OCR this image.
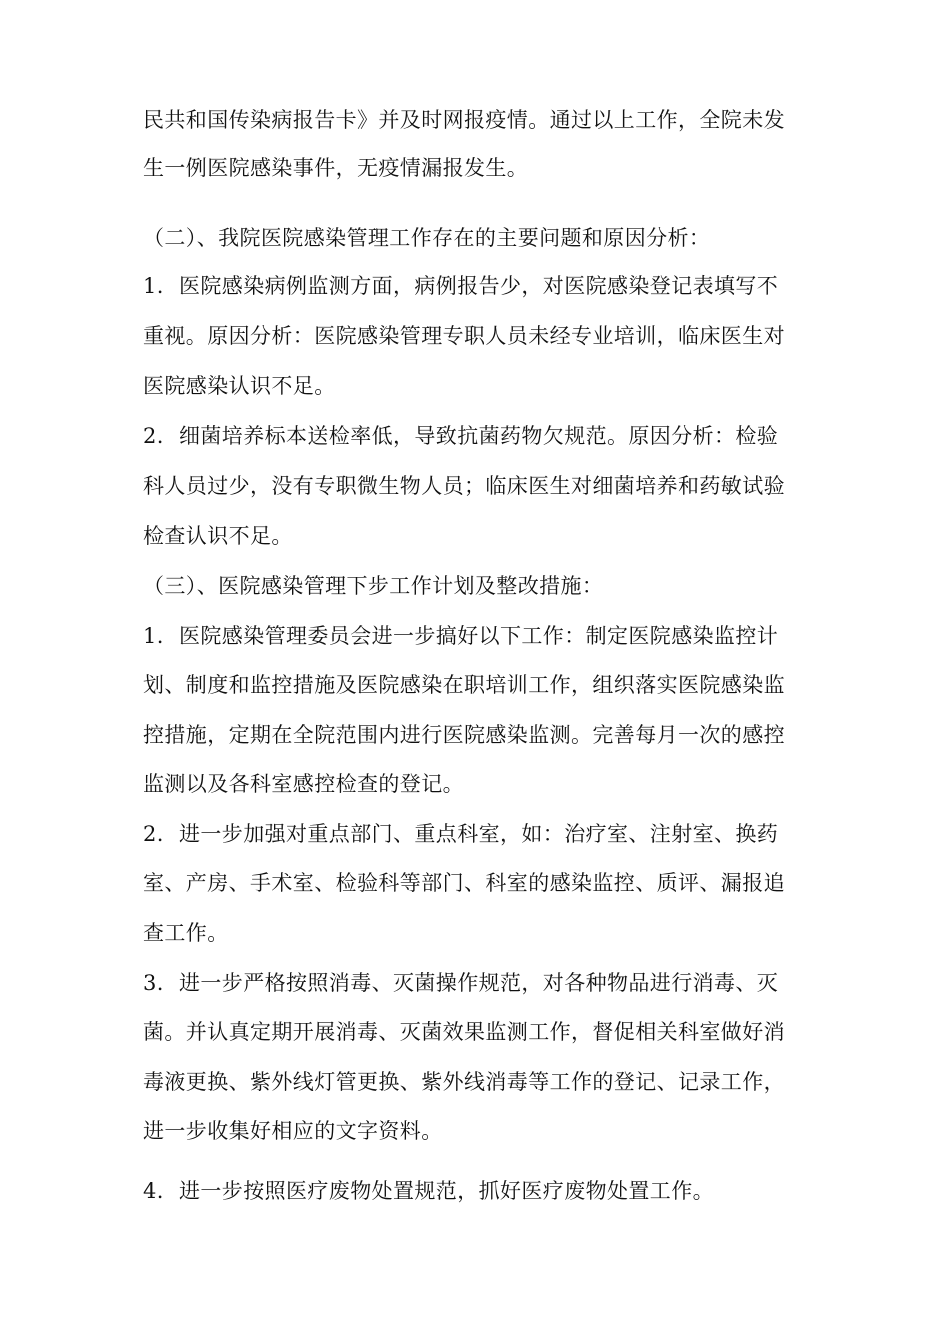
民共和国传染病报告卡》并及时网报疫情。通过以上工作，全院未发

生一例医院感染事件，无疫情漏报发生。

（二）、我院医院感染管理工作存在的主要问题和原因分析：

1. 医院感染病例监测方面，病例报告少，对医院感染登记表填写不

重视。原因分析：医院感染管理专职人员未经专业培训，临床医生对

医院感染认识不足。

2. 细菌培养标本送检率低，导致抗菌药物欠规范。原因分析：检验

科人员过少，没有专职微生物人员；临床医生对细菌培养和药敏试验

检查认识不足。

（三）、医院感染管理下步工作计划及整改措施：

1. 医院感染管理委员会进一步搞好以下工作：制定医院感染监控计

划、制度和监控措施及医院感染在职培训工作，组织落实医院感染监

控措施，定期在全院范围内进行医院感染监测。完善每月一次的感控

监测以及各科室感控检查的登记。

2. 进一步加强对重点部门、重点科室，如：治疗室、注射室、换药

室、产房、手术室、检验科等部门、科室的感染监控、质评、漏报追

查工作。

3. 进一步严格按照消毒、灭菌操作规范，对各种物品进行消毒、灭

菌。并认真定期开展消毒、灭菌效果监测工作，督促相关科室做好消

毒液更换、紫外线灯管更换、紫外线消毒等工作的登记、记录工作，

进一步收集好相应的文字资料。

4. 进一步按照医疗废物处置规范，抓好医疗废物处置工作。
